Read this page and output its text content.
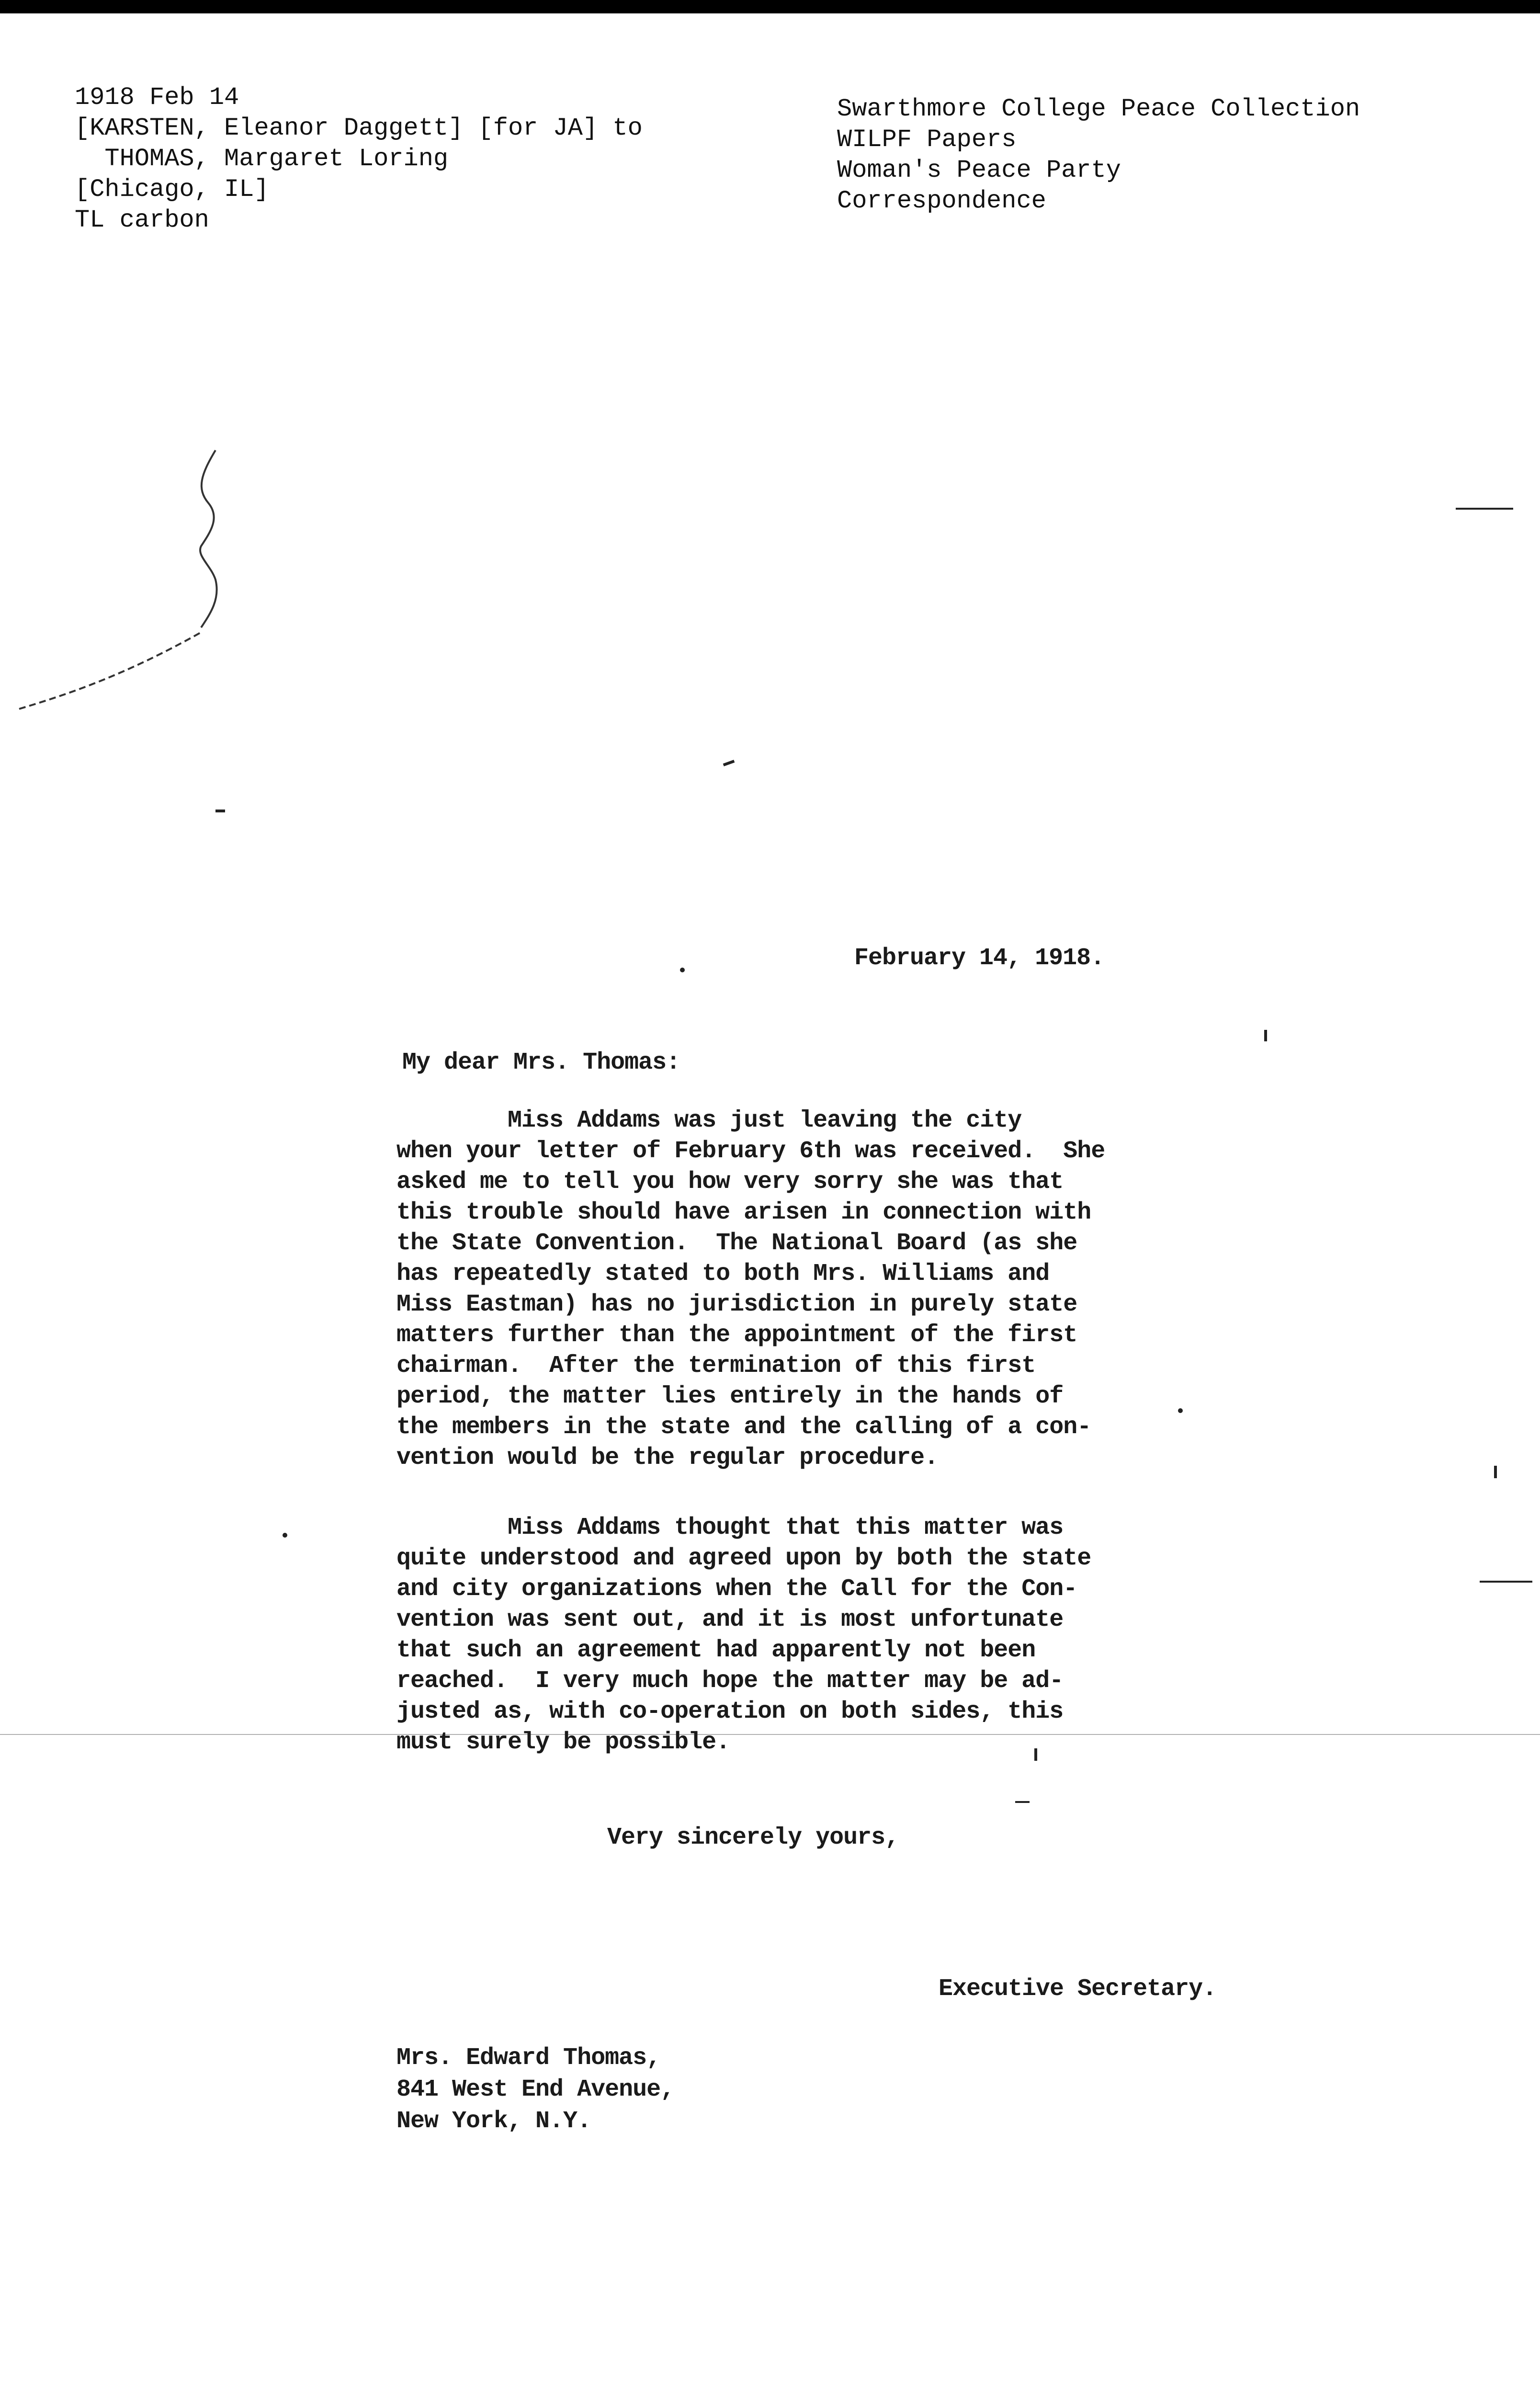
1918 Feb 14
[KARSTEN, Eleanor Daggett] [for JA] to
THOMAS, Margaret Loring
[Chicago, IL]
TL carbon
Swarthmore College Peace Collection
WILPF Papers
Woman's Peace Party
Correspondence
February 14, 1918.
My dear Mrs. Thomas:
Miss Addams was just leaving the city
when your letter of February 6th was received.  She
asked me to tell you how very sorry she was that
this trouble should have arisen in connection with
the State Convention.  The National Board (as she
has repeatedly stated to both Mrs. Williams and
Miss Eastman) has no jurisdiction in purely state
matters further than the appointment of the first
chairman.  After the termination of this first
period, the matter lies entirely in the hands of
the members in the state and the calling of a con-
vention would be the regular procedure.
Miss Addams thought that this matter was
quite understood and agreed upon by both the state
and city organizations when the Call for the Con-
vention was sent out, and it is most unfortunate
that such an agreement had apparently not been
reached.  I very much hope the matter may be ad-
justed as, with co-operation on both sides, this
must surely be possible.
Very sincerely yours,
Executive Secretary.
Mrs. Edward Thomas,
841 West End Avenue,
New York, N.Y.
